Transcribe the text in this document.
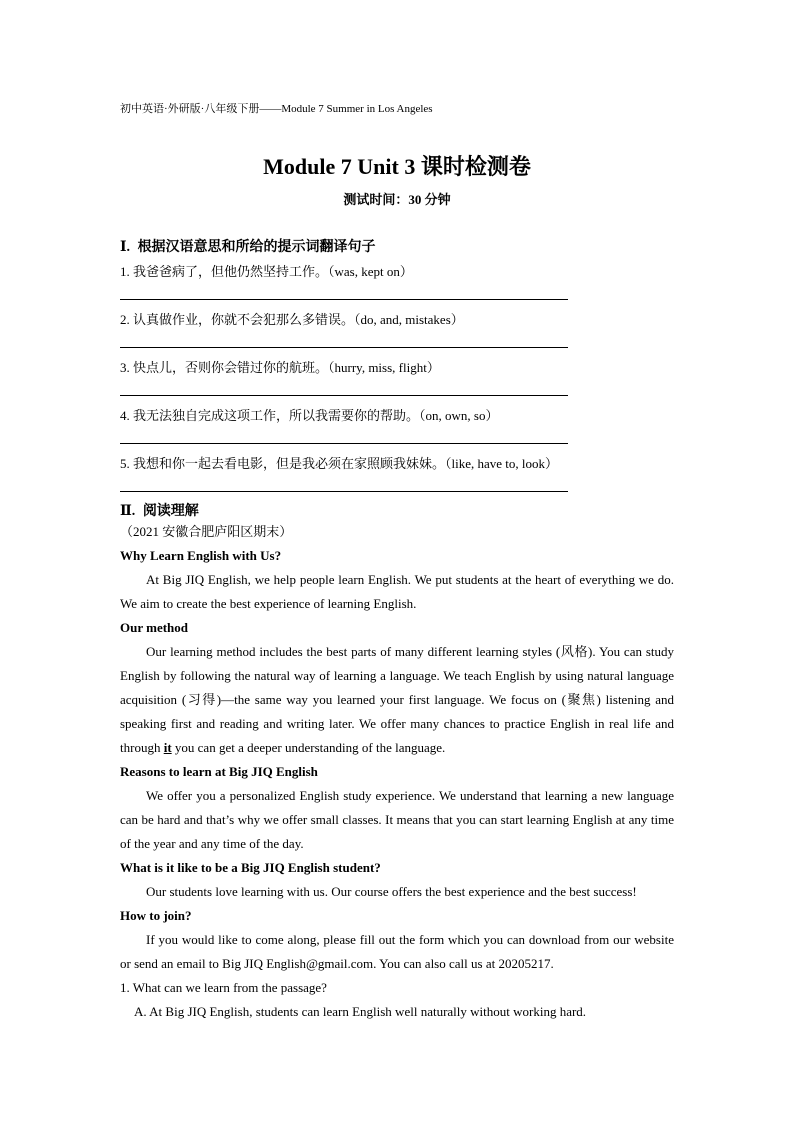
初中英语·外研版·八年级下册——Module 7 Summer in Los Angeles
Module 7 Unit 3 课时检测卷
测试时间：30 分钟
Ⅰ. 根据汉语意思和所给的提示词翻译句子
1. 我爸爸病了，但他仍然坚持工作。（was, kept on）
2. 认真做作业，你就不会犯那么多错误。（do, and, mistakes）
3. 快点儿，否则你会错过你的航班。（hurry, miss, flight）
4. 我无法独自完成这项工作，所以我需要你的帮助。（on, own, so）
5. 我想和你一起去看电影，但是我必须在家照顾我妹妹。（like, have to, look）
Ⅱ. 阅读理解
（2021 安徽合肥庐阳区期末）
Why Learn English with Us?
At Big JIQ English, we help people learn English. We put students at the heart of everything we do. We aim to create the best experience of learning English.
Our method
Our learning method includes the best parts of many different learning styles (风格). You can study English by following the natural way of learning a language. We teach English by using natural language acquisition (习得)—the same way you learned your first language. We focus on (聚焦) listening and speaking first and reading and writing later. We offer many chances to practice English in real life and through it you can get a deeper understanding of the language.
Reasons to learn at Big JIQ English
We offer you a personalized English study experience. We understand that learning a new language can be hard and that’s why we offer small classes. It means that you can start learning English at any time of the year and any time of the day.
What is it like to be a Big JIQ English student?
Our students love learning with us. Our course offers the best experience and the best success!
How to join?
If you would like to come along, please fill out the form which you can download from our website or send an email to Big JIQ English@gmail.com. You can also call us at 20205217.
1. What can we learn from the passage?
A. At Big JIQ English, students can learn English well naturally without working hard.
